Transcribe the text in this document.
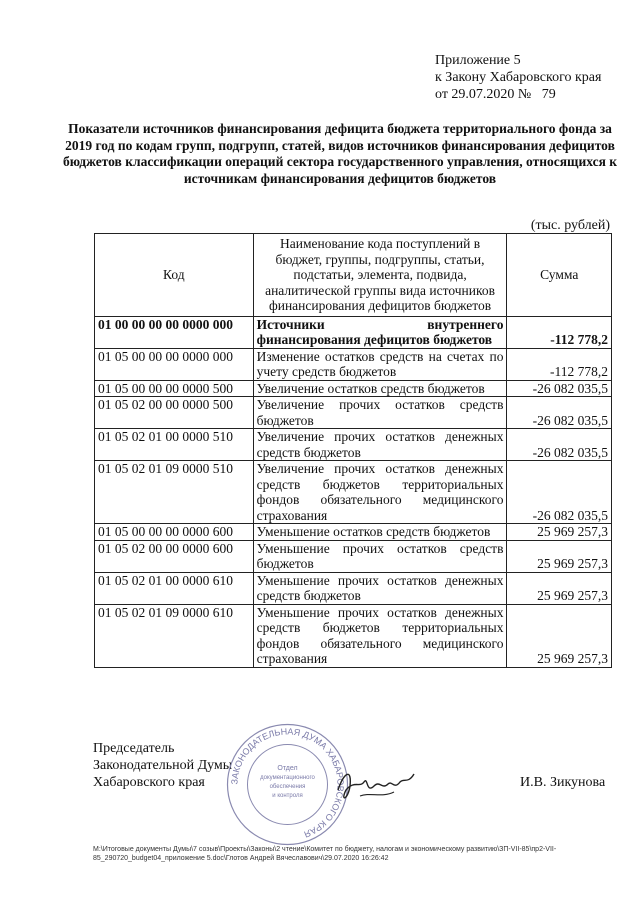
Приложение 5
к Закону Хабаровского края
от 29.07.2020 №   79
Показатели источников финансирования дефицита бюджета территориального фонда за 2019 год по кодам групп, подгрупп, статей, видов источников финансирования дефицитов бюджетов классификации операций сектора государственного управления, относящихся к источникам финансирования дефицитов бюджетов
(тыс. рублей)
Код	Наименование кода поступлений в бюджет, группы, подгруппы, статьи, подстатьи, элемента, подвида, аналитической группы вида источников финансирования дефицитов бюджетов	Сумма
01 00 00 00 00 0000 000	Источники внутреннего финансирования дефицитов бюджетов	-112 778,2
01 05 00 00 00 0000 000	Изменение остатков средств на счетах по учету средств бюджетов	-112 778,2
01 05 00 00 00 0000 500	Увеличение остатков средств бюджетов	-26 082 035,5
01 05 02 00 00 0000 500	Увеличение прочих остатков средств бюджетов	-26 082 035,5
01 05 02 01 00 0000 510	Увеличение прочих остатков денежных средств бюджетов	-26 082 035,5
01 05 02 01 09 0000 510	Увеличение прочих остатков денежных средств бюджетов территориальных фондов обязательного медицинского страхования	-26 082 035,5
01 05 00 00 00 0000 600	Уменьшение остатков средств бюджетов	25 969 257,3
01 05 02 00 00 0000 600	Уменьшение прочих остатков средств бюджетов	25 969 257,3
01 05 02 01 00 0000 610	Уменьшение прочих остатков денежных средств бюджетов	25 969 257,3
01 05 02 01 09 0000 610	Уменьшение прочих остатков денежных средств бюджетов территориальных фондов обязательного медицинского страхования	25 969 257,3
Председатель
Законодательной Думы
Хабаровского края	ЗАКОНОДАТЕЛЬНАЯ ДУМА ХАБАРОВСКОГО КРАЯ
Отдел
документационного
обеспечения
и контроля
И.В. Зикунова
М:\Итоговые документы Думы\7 созыв\Проекты\Законы\2 чтение\Комитет по бюджету, налогам и экономическому развитию\ЗП-VII-85\пр2-VII-85_290720_budget04_приложение 5.doc\Глотов Андрей Вячеславович\29.07.2020 16:26:42
